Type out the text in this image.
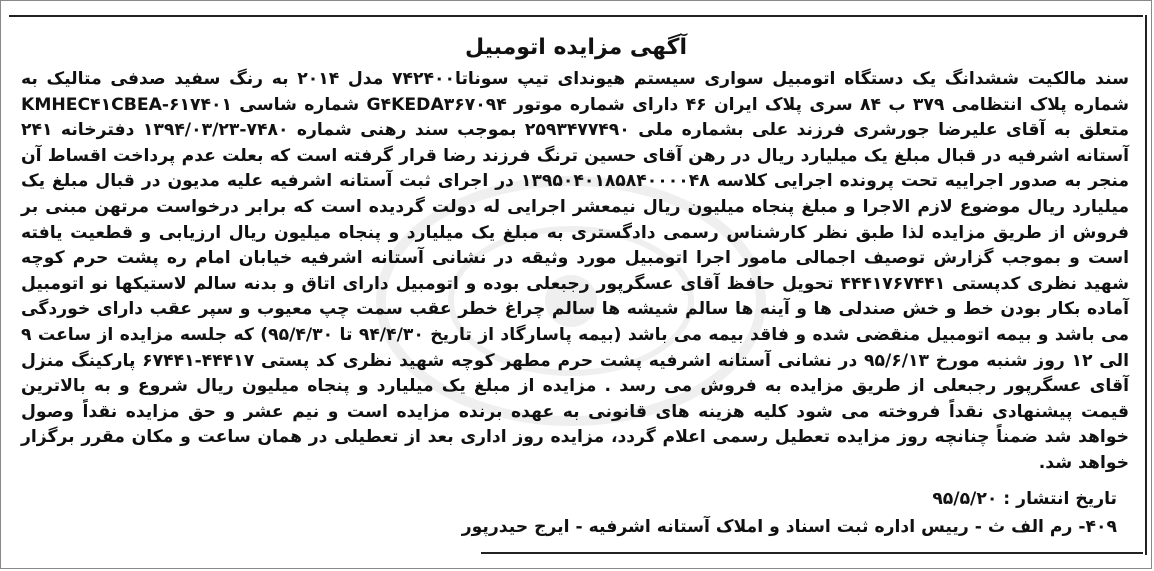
آگهی مزایده اتومبیل
سند مالکیت ششدانگ یک دستگاه اتومبیل سواری سیستم هیوندای تیپ سوناتا۷۴۲۴۰۰ مدل ۲۰۱۴ به رنگ سفید صدفی متالیک به شماره پلاک انتظامی ۳۷۹ ب ۸۴ سری پلاک ایران ۴۶ دارای شماره موتور G۴KEDA۳۶۷۰۹۴ شماره شاسی KMHEC۴۱CBEA-۶۱۷۴۰۱ متعلق به آقای علیرضا جورشری فرزند علی بشماره ملی ۲۵۹۳۴۷۷۴۹۰ بموجب سند رهنی شماره ۷۴۸۰-۱۳۹۴/۰۳/۲۳ دفترخانه ۲۴۱ آستانه اشرفیه در قبال مبلغ یک میلیارد ریال در رهن آقای حسین ترنگ فرزند رضا قرار گرفته است که بعلت عدم پرداخت اقساط آن منجر به صدور اجراییه تحت پرونده اجرایی کلاسه ۱۳۹۵۰۴۰۱۸۵۸۴۰۰۰۰۴۸ در اجرای ثبت آستانه اشرفیه علیه مدیون در قبال مبلغ یک میلیارد ریال موضوع لازم الاجرا و مبلغ پنجاه میلیون ریال نیمعشر اجرایی له دولت گردیده است که برابر درخواست مرتهن مبنی بر فروش از طریق مزایده لذا طبق نظر کارشناس رسمی دادگستری به مبلغ یک میلیارد و پنجاه میلیون ریال ارزیابی و قطعیت یافته است و بموجب گزارش توصیف اجمالی مامور اجرا اتومبیل مورد وثیقه در نشانی آستانه اشرفیه خیابان امام ره پشت حرم کوچه شهید نظری کدپستی ۴۴۴۱۷۶۷۴۴۱ تحویل حافظ آقای عسگرپور رجبعلی بوده و اتومبیل دارای اتاق و بدنه سالم لاستیکها نو اتومبیل آماده بکار بودن خط و خش صندلی ها و آینه ها سالم شیشه ها سالم چراغ خطر عقب سمت چپ معیوب و سپر عقب دارای خوردگی می باشد و بیمه اتومبیل منقضی شده و فاقد بیمه می باشد (بیمه پاسارگاد از تاریخ ۹۴/۴/۳۰ تا ۹۵/۴/۳۰) که جلسه مزایده از ساعت ۹ الی ۱۲ روز شنبه مورخ ۹۵/۶/۱۳ در نشانی آستانه اشرفیه پشت حرم مطهر کوچه شهید نظری کد پستی ۴۴۴۱۷-۶۷۴۴۱ پارکینگ منزل آقای عسگرپور رجبعلی از طریق مزایده به فروش می رسد . مزایده از مبلغ یک میلیارد و پنجاه میلیون ریال شروع و به بالاترین قیمت پیشنهادی نقداً فروخته می شود کلیه هزینه های قانونی به عهده برنده مزایده است و نیم عشر و حق مزایده نقداً وصول خواهد شد ضمناً چنانچه روز مزایده تعطیل رسمی اعلام گردد، مزایده روز اداری بعد از تعطیلی در همان ساعت و مکان مقرر برگزار خواهد شد.
تاریخ انتشار : ۹۵/۵/۲۰
۴۰۹- رم الف ث - رییس اداره ثبت اسناد و املاک آستانه اشرفیه - ایرج حیدرپور
